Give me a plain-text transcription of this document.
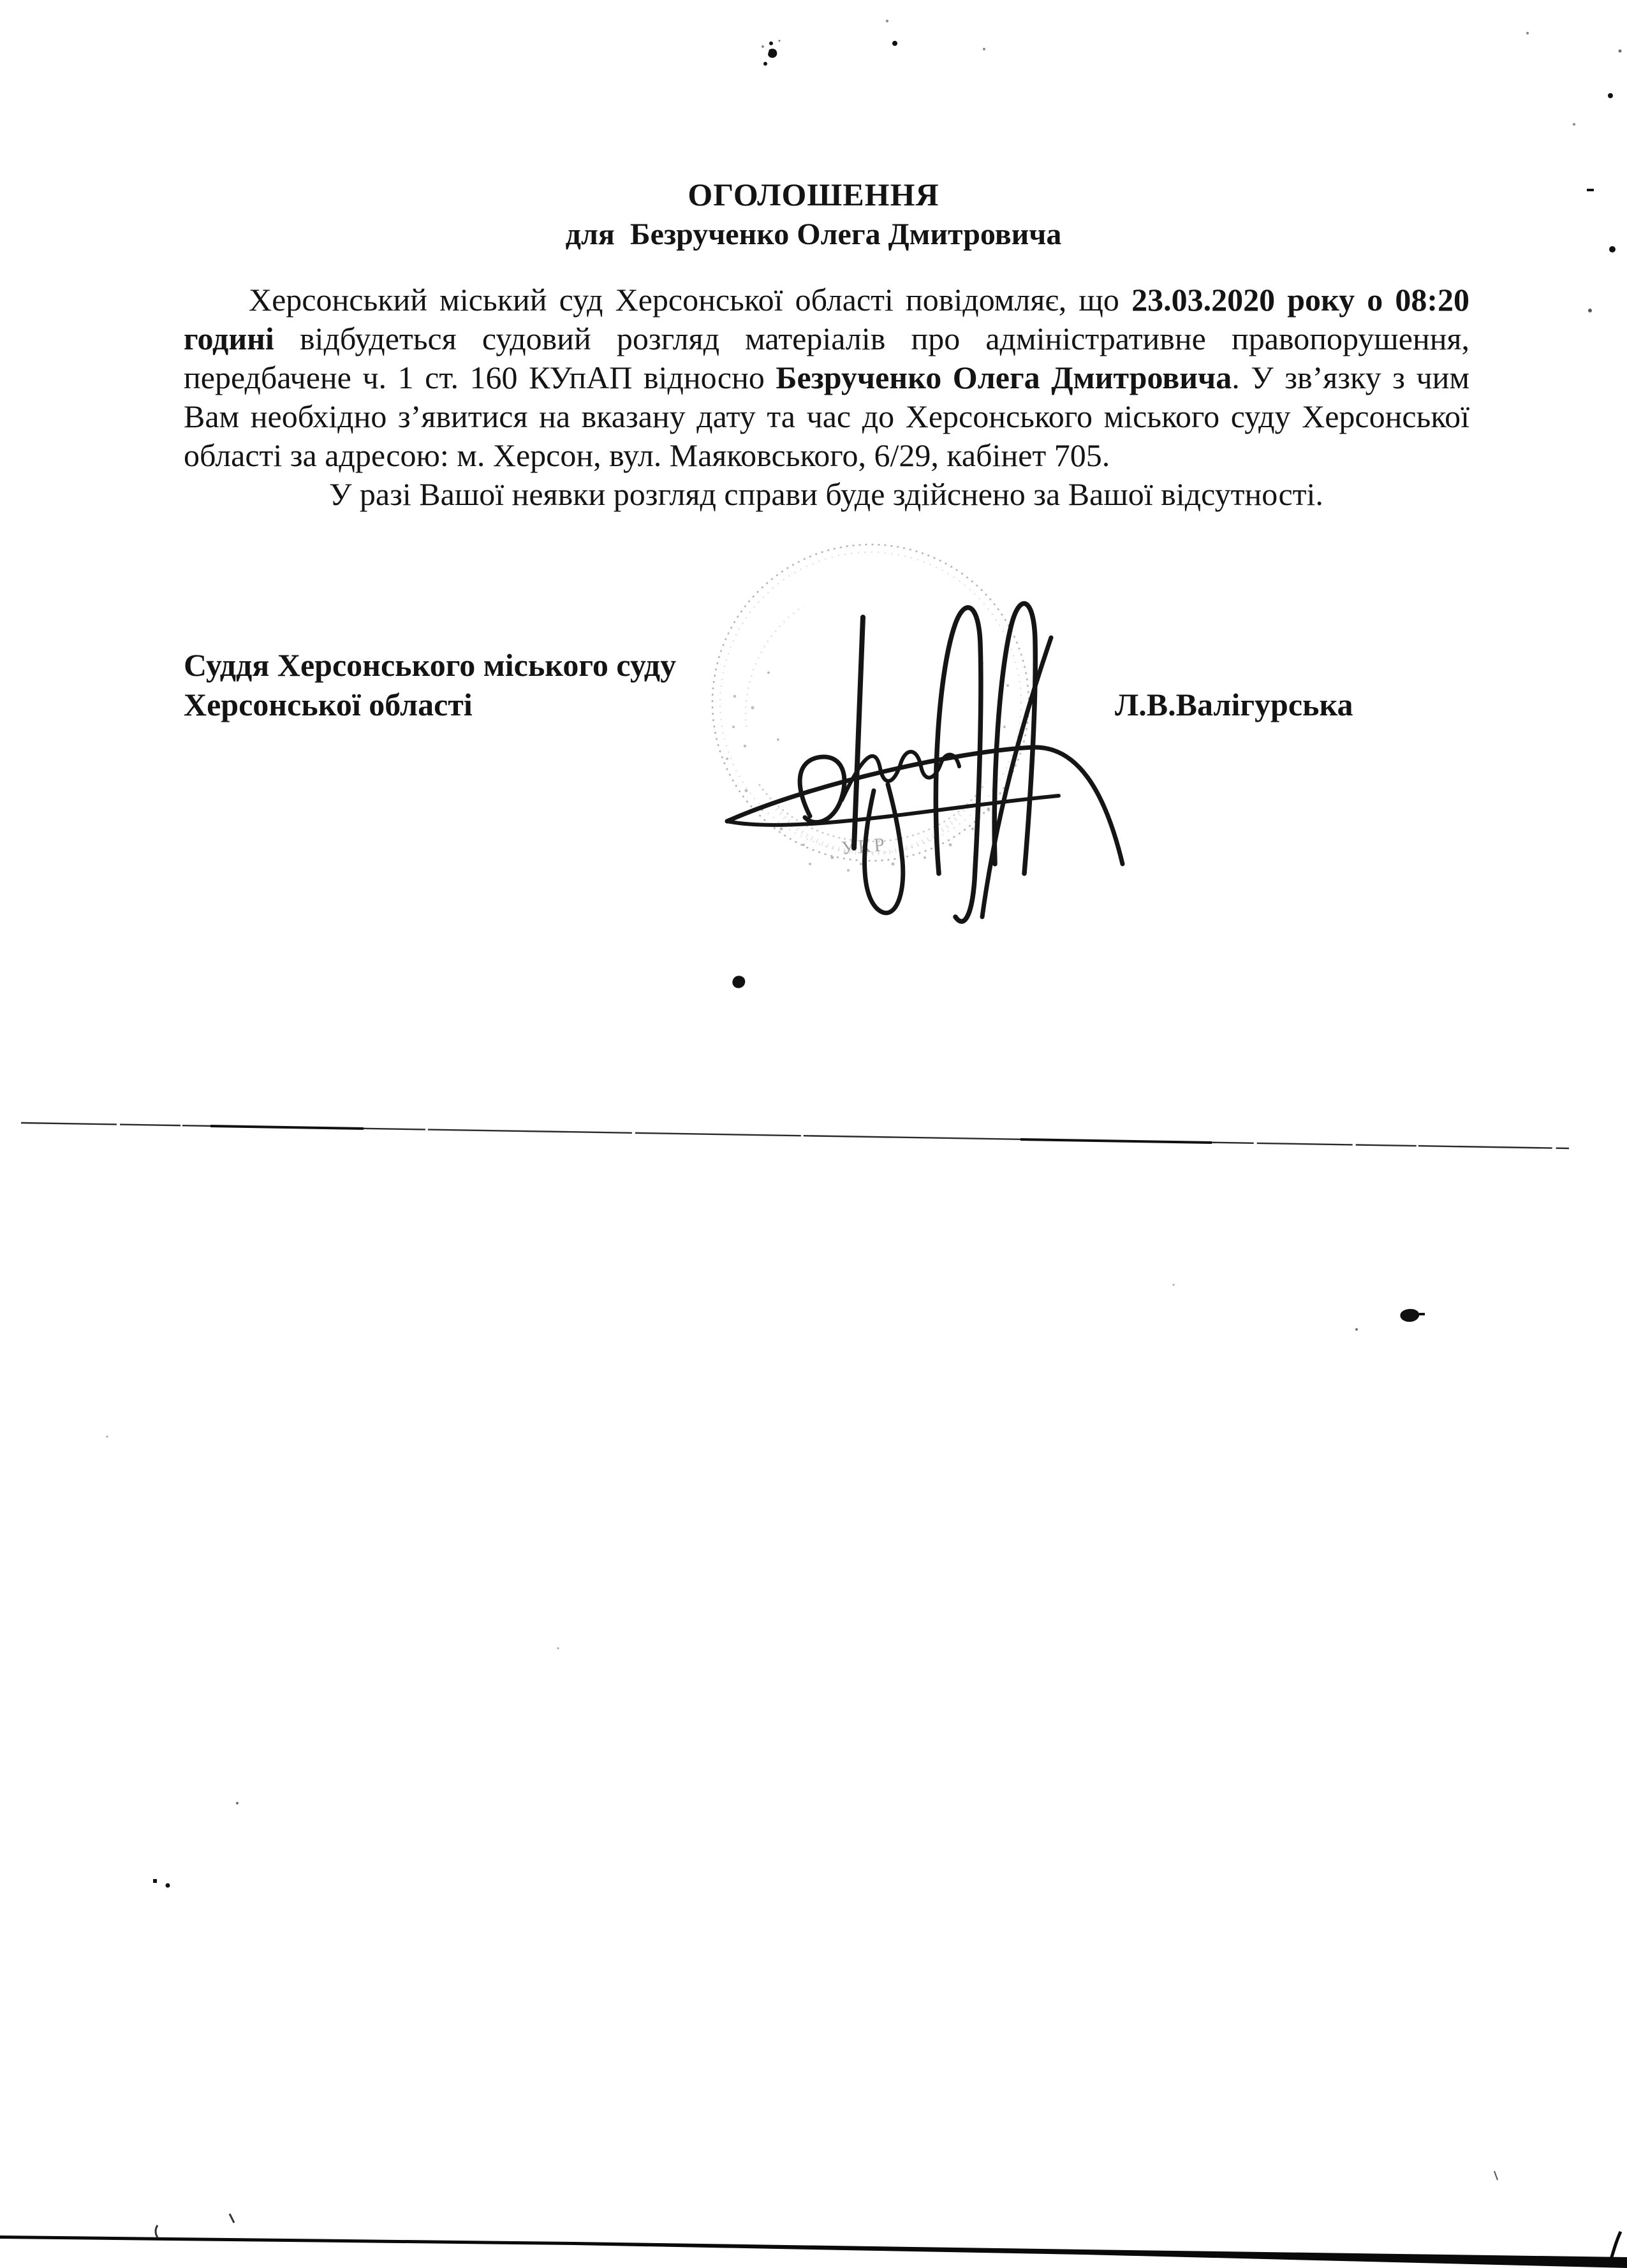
ОГОЛОШЕННЯ
для  Безрученко Олега Дмитровича

Херсонський міський суд Херсонської області повідомляє, що 23.03.2020 року о 08:20 годині відбудеться судовий розгляд матеріалів про адміністративне правопорушення, передбачене ч. 1 ст. 160 КУпАП відносно Безрученко Олега Дмитровича. У зв’язку з чим Вам необхідно з’явитися на вказану дату та час до Херсонського міського суду Херсонської області за адресою: м. Херсон, вул. Маяковського, 6/29, кабінет 705.

У разі Вашої неявки розгляд справи буде здійснено за Вашої відсутності.

Суддя Херсонського міського суду
Херсонської області	Л.В.Валігурська
УКР
